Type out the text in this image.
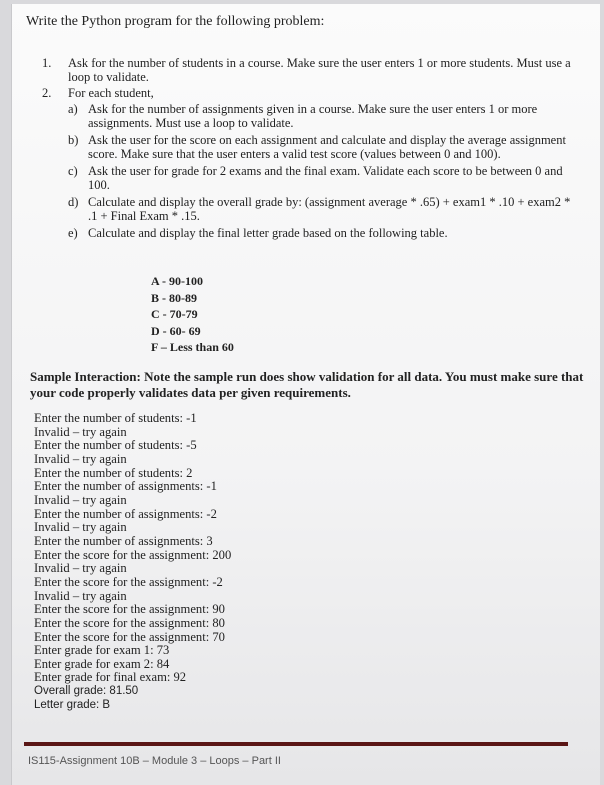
Write the Python program for the following problem:
1.	Ask for the number of students in a course. Make sure the user enters 1 or more students. Must use a loop to validate.
2.	For each student,
a) Ask for the number of assignments given in a course. Make sure the user enters 1 or more assignments. Must use a loop to validate.
b) Ask the user for the score on each assignment and calculate and display the average assignment score. Make sure that the user enters a valid test score (values between 0 and 100).
c) Ask the user for grade for 2 exams and the final exam. Validate each score to be between 0 and 100.
d) Calculate and display the overall grade by: (assignment average * .65) + exam1 * .10 + exam2 * .1 + Final Exam * .15.
e) Calculate and display the final letter grade based on the following table.
A - 90-100
B - 80-89
C - 70-79
D - 60- 69
F – Less than 60
Sample Interaction: Note the sample run does show validation for all data. You must make sure that your code properly validates data per given requirements.
Enter the number of students: -1
Invalid – try again
Enter the number of students: -5
Invalid – try again
Enter the number of students: 2
Enter the number of assignments: -1
Invalid – try again
Enter the number of assignments: -2
Invalid – try again
Enter the number of assignments: 3
Enter the score for the assignment: 200
Invalid – try again
Enter the score for the assignment: -2
Invalid – try again
Enter the score for the assignment: 90
Enter the score for the assignment: 80
Enter the score for the assignment: 70
Enter grade for exam 1: 73
Enter grade for exam 2: 84
Enter grade for final exam: 92
Overall grade: 81.50
Letter grade: B
IS115-Assignment 10B – Module 3 – Loops – Part II
